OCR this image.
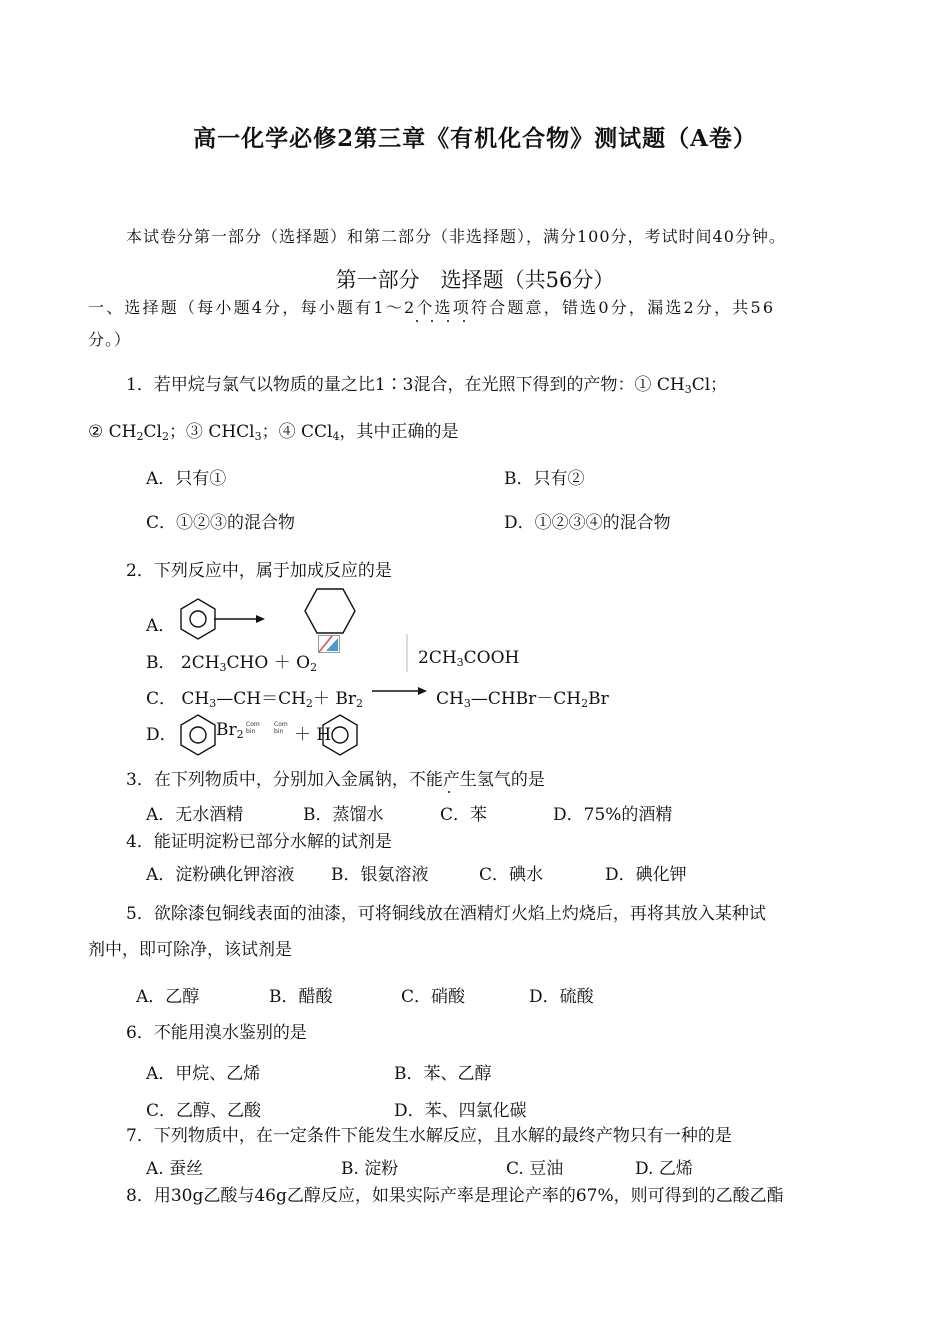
高一化学必修2第三章《有机化合物》测试题（A卷）
本试卷分第一部分（选择题）和第二部分（非选择题），满分100分，考试时间40分钟。
第一部分　选择题（共56分）
一、选择题（每小题4分，每小题有1～2个选项符合题意，错选0分，漏选2分，共56
分。）
1．若甲烷与氯气以物质的量之比1∶3混合，在光照下得到的产物：① $CH_3Cl$；
② $CH_2Cl_2$；③ CHCl$_3$；④ CCl$_4$，其中正确的是
A．只有①	B．只有②
C．①②③的混合物	D．①②③④的混合物
2．下列反应中，属于加成反应的是
A．
B． $2CH_3CHO + O_2$	$2CH_3COOH$
C． $CH_3—CH=CH_2+ Br_2$ → $CH_3—CHBr-CH_2Br$
D． $Br_2$
Com
bin
Com
bin ＋ H
3．在下列物质中，分别加入金属钠，不能产生氢气的是
A．无水酒精	B．蒸馏水	C．苯	D．75%的酒精
4．能证明淀粉已部分水解的试剂是
A．淀粉碘化钾溶液 B．银氨溶液	C．碘水	D．碘化钾
5．欲除漆包铜线表面的油漆，可将铜线放在酒精灯火焰上灼烧后，再将其放入某种试
剂中，即可除净，该试剂是
A．乙醇	B．醋酸	C．硝酸	D．硫酸
6．不能用溴水鉴别的是
A．甲烷、乙烯	B．苯、乙醇
C．乙醇、乙酸	D．苯、四氯化碳
7．下列物质中，在一定条件下能发生水解反应，且水解的最终产物只有一种的是
A. 蚕丝	B. 淀粉	C. 豆油	D. 乙烯
8．用30g乙酸与46g乙醇反应，如果实际产率是理论产率的67%，则可得到的乙酸乙酯
